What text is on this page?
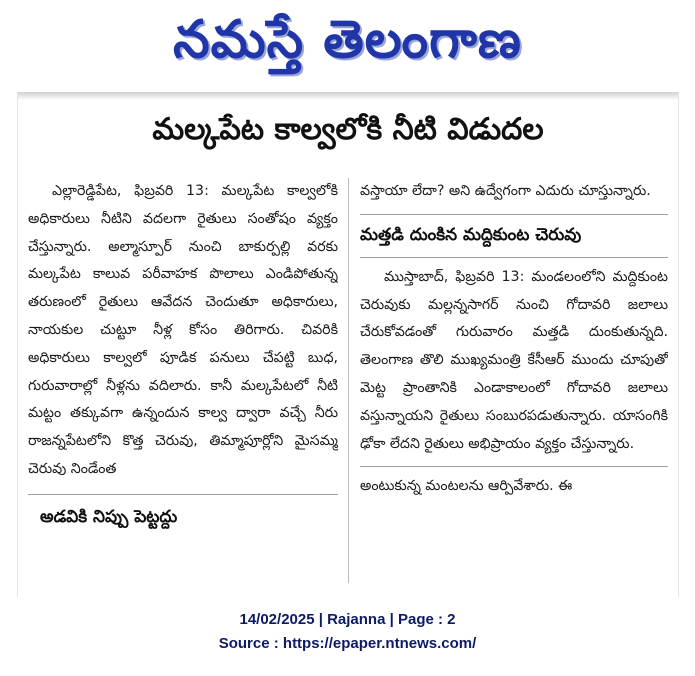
నమస్తే తెలంగాణ
మల్కపేట కాల్వలోకి నీటి విడుదల

ఎల్లారెడ్డిపేట, ఫిబ్రవరి 13: మల్కపేట కాల్వలోకి అధికారులు నీటిని వదలగా రైతులు సంతోషం వ్యక్తం చేస్తున్నారు. అల్మాస్పూర్ నుంచి బాకుర్పల్లి వరకు మల్కపేట కాలువ పరీవాహక పొలాలు ఎండిపోతున్న తరుణంలో రైతులు ఆవేదన చెందుతూ అధికారులు, నాయకుల చుట్టూ నీళ్ల కోసం తిరిగారు. చివరికి అధికారులు కాల్వలో పూడిక పనులు చేపట్టి బుధ, గురువారాల్లో నీళ్లను వదిలారు. కానీ మల్కపేటలో నీటి మట్టం తక్కువగా ఉన్నందున కాల్వ ద్వారా వచ్చే నీరు రాజన్నపేటలోని కొత్త చెరువు, తిమ్మాపూర్లోని మైసమ్మ చెరువు నిండేంత

అడవికి నిప్పు పెట్టద్దు

వస్తాయా లేదా? అని ఉద్వేగంగా ఎదురు చూస్తున్నారు.

మత్తడి దుంకిన మద్దికుంట చెరువు

ముస్తాబాద్, ఫిబ్రవరి 13: మండలంలోని మద్దికుంట చెరువుకు మల్లన్నసాగర్ నుంచి గోదావరి జలాలు చేరుకోవడంతో గురువారం మత్తడి దుంకుతున్నది. తెలంగాణ తొలి ముఖ్యమంత్రి కేసీఆర్ ముందు చూపుతో మెట్ట ప్రాంతానికి ఎండాకాలంలో గోదావరి జలాలు వస్తున్నాయని రైతులు సంబురపడుతున్నారు. యాసంగికి ఢోకా లేదని రైతులు అభిప్రాయం వ్యక్తం చేస్తున్నారు.

అంటుకున్న మంటలను ఆర్పివేశారు. ఈ

14/02/2025 | Rajanna | Page : 2
Source : https://epaper.ntnews.com/
